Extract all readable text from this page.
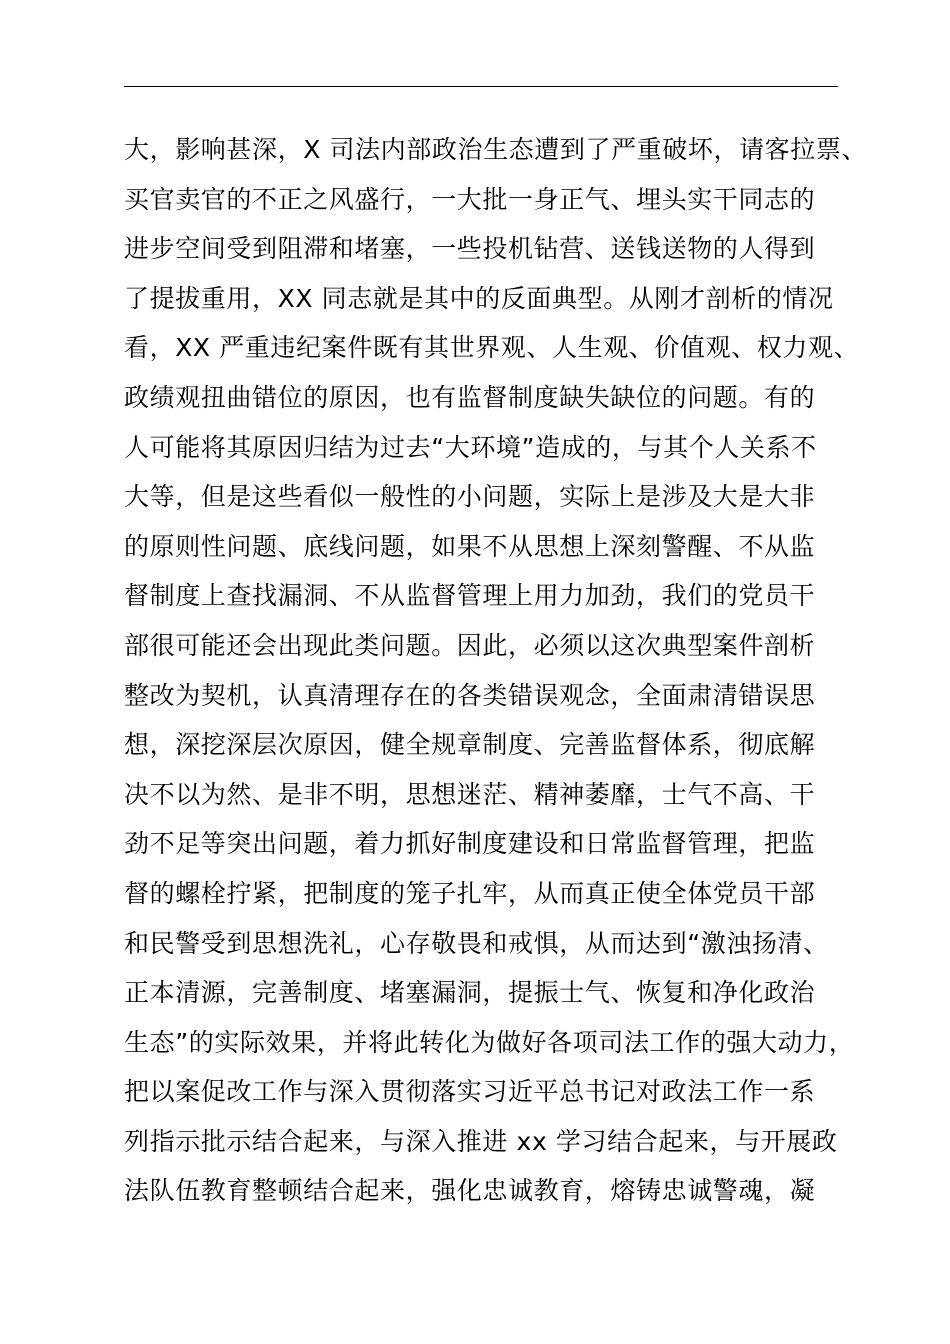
大，影响甚深，X 司法内部政治生态遭到了严重破坏，请客拉票、
买官卖官的不正之风盛行，一大批一身正气、埋头实干同志的
进步空间受到阻滞和堵塞，一些投机钻营、送钱送物的人得到
了提拔重用，XX 同志就是其中的反面典型。从刚才剖析的情况
看，XX 严重违纪案件既有其世界观、人生观、价值观、权力观、
政绩观扭曲错位的原因，也有监督制度缺失缺位的问题。有的
人可能将其原因归结为过去“大环境”造成的，与其个人关系不
大等，但是这些看似一般性的小问题，实际上是涉及大是大非
的原则性问题、底线问题，如果不从思想上深刻警醒、不从监
督制度上查找漏洞、不从监督管理上用力加劲，我们的党员干
部很可能还会出现此类问题。因此，必须以这次典型案件剖析
整改为契机，认真清理存在的各类错误观念，全面肃清错误思
想，深挖深层次原因，健全规章制度、完善监督体系，彻底解
决不以为然、是非不明，思想迷茫、精神萎靡，士气不高、干
劲不足等突出问题，着力抓好制度建设和日常监督管理，把监
督的螺栓拧紧，把制度的笼子扎牢，从而真正使全体党员干部
和民警受到思想洗礼，心存敬畏和戒惧，从而达到“激浊扬清、
正本清源，完善制度、堵塞漏洞，提振士气、恢复和净化政治
生态”的实际效果，并将此转化为做好各项司法工作的强大动力，
把以案促改工作与深入贯彻落实习近平总书记对政法工作一系
列指示批示结合起来，与深入推进 xx 学习结合起来，与开展政
法队伍教育整顿结合起来，强化忠诚教育，熔铸忠诚警魂，凝
